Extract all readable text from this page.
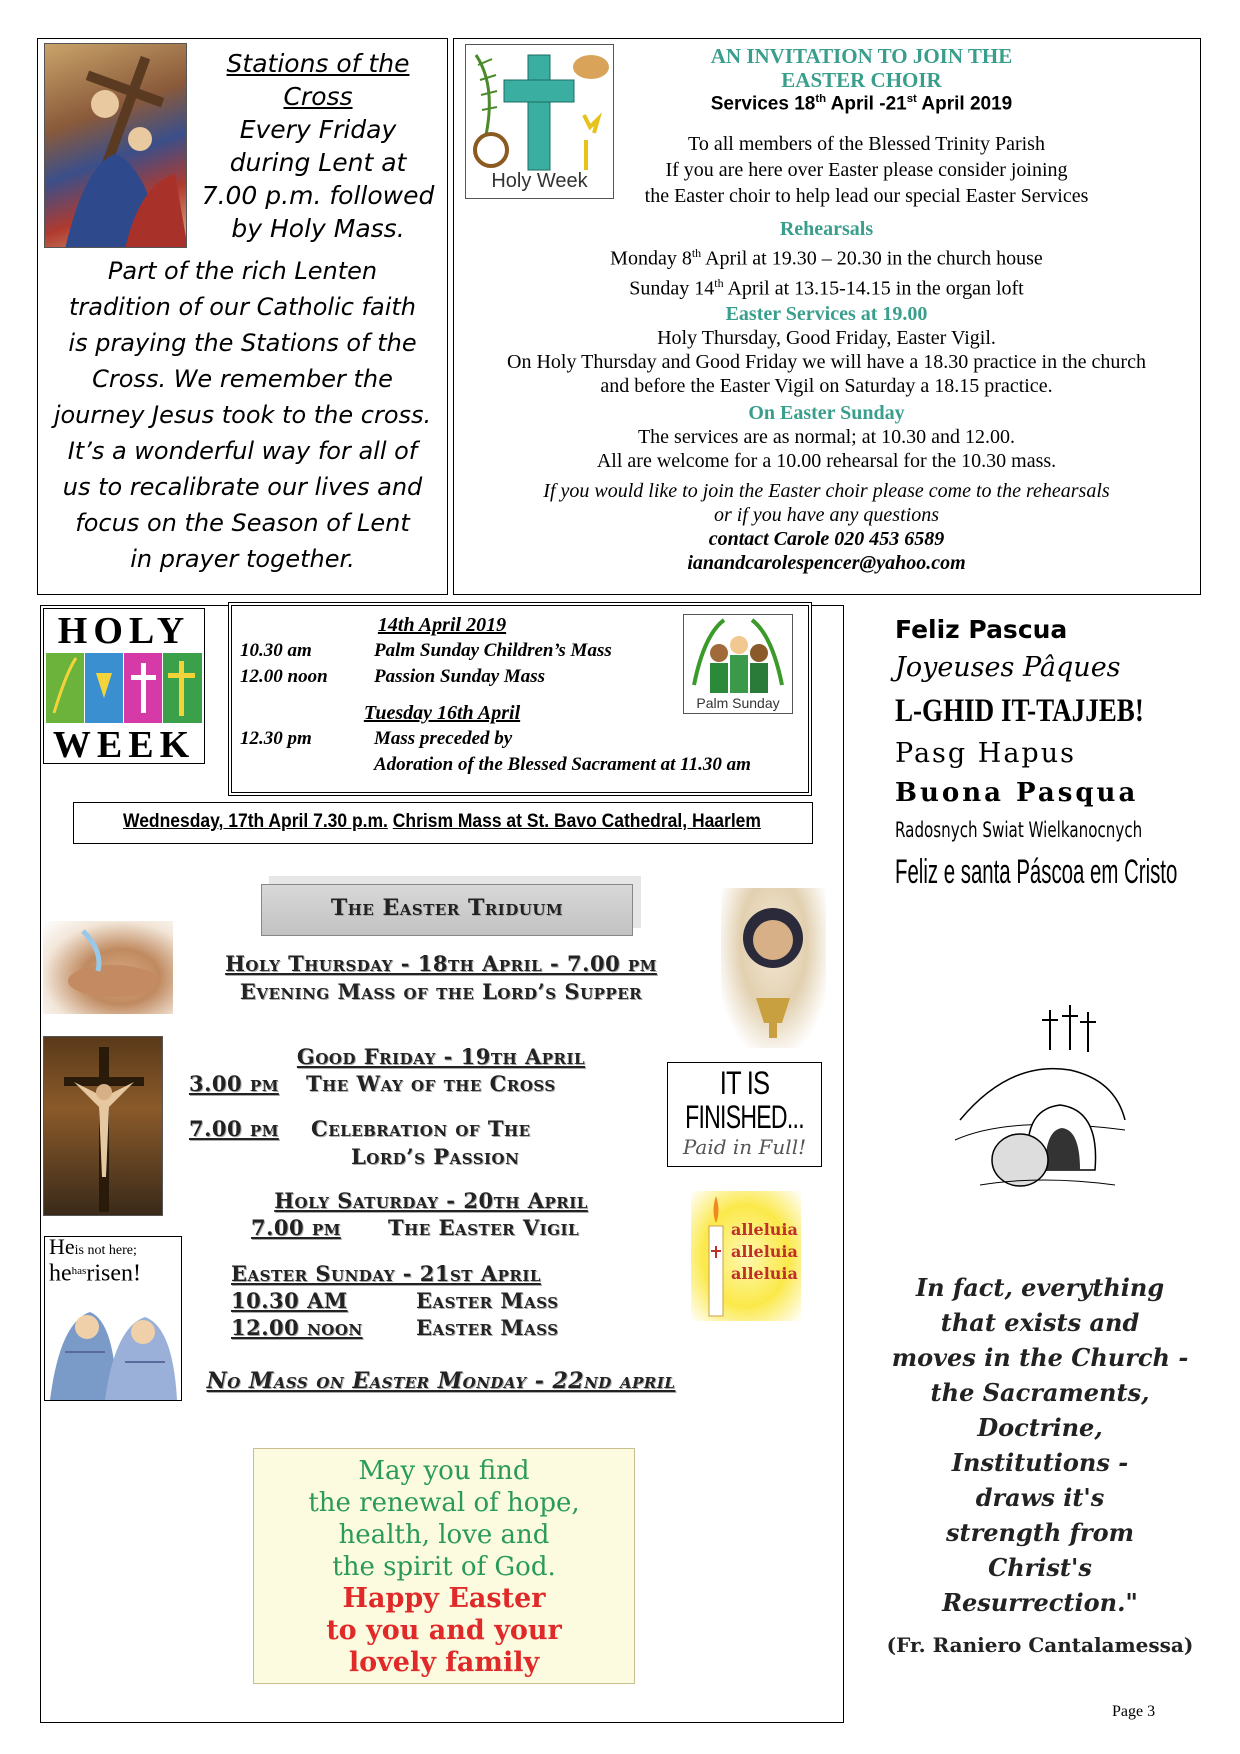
Stations of the
Cross
Every Friday
during Lent at
7.00 p.m. followed
by Holy Mass.
Part of the rich Lenten
tradition of our Catholic faith
is praying the Stations of the
Cross. We remember the
journey Jesus took to the cross.
It’s a wonderful way for all of
us to recalibrate our lives and
focus on the Season of Lent
in prayer together.
Holy Week
AN INVITATION TO JOIN THE
EASTER CHOIR
Services 18th April -21st April 2019
To all members of the Blessed Trinity Parish
If you are here over Easter please consider joining
the Easter choir to help lead our special Easter Services
Rehearsals
Monday 8th April at 19.30 – 20.30 in the church house
Sunday 14th April at 13.15-14.15 in the organ loft
Easter Services at 19.00
Holy Thursday, Good Friday, Easter Vigil.
On Holy Thursday and Good Friday we will have a 18.30 practice in the church
and before the Easter Vigil on Saturday a 18.15 practice.
On Easter Sunday
The services are as normal; at 10.30 and 12.00.
All are welcome for a 10.00 rehearsal for the 10.30 mass.
If you would like to join the Easter choir please come to the rehearsals
or if you have any questions
contact Carole 020 453 6589
ianandcarolespencer@yahoo.com
HOLY
WEEK
14th April 2019
10.30 am	Palm Sunday Children’s Mass
12.00 noon Passion Sunday Mass
Tuesday 16th April
12.30 pm	Mass preceded by
Adoration of the Blessed Sacrament at 11.30 am
Palm Sunday
Wednesday, 17th April 7.30 p.m. Chrism Mass at St. Bavo Cathedral, Haarlem
The Easter Triduum
Holy Thursday - 18th April - 7.00 pm
Evening Mass of the Lord’s Supper
Good Friday - 19th April
3.00 pm The Way of the Cross
7.00 pm Celebration of The
Lord’s Passion
IT IS
FINISHED...
Paid in Full!
Heis not here;
$he^{has}risen$!
Holy Saturday - 20th April
7.00 pm The Easter Vigil	alleluia
alleluia
alleluia
Easter Sunday - 21st April
10.30 AM	Easter Mass
12.00 noon	Easter Mass
No Mass on Easter Monday - 22nd april
May you find
the renewal of hope,
health, love and
the spirit of God.
Happy Easter
to you and your
lovely family
Feliz Pascua
Joyeuses Pâques
L-GHID IT-TAJJEB!
Pasg Hapus
Buona Pasqua
Radosnych Swiat Wielkanocnych
Feliz e santa Páscoa em Cristo
In fact, everything
that exists and
moves in the Church -
the Sacraments,
Doctrine,
Institutions -
draws it's
strength from
Christ's
Resurrection."
(Fr. Raniero Cantalamessa)
Page 3
